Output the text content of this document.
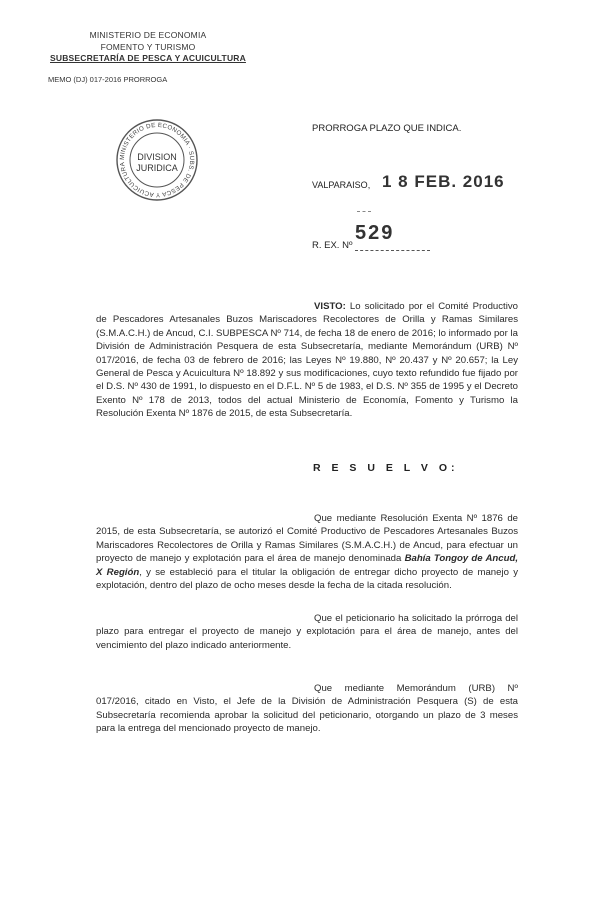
MINISTERIO DE ECONOMIA
FOMENTO Y TURISMO
SUBSECRETARÍA DE PESCA Y ACUICULTURA
MEMO (DJ) 017-2016 PRORROGA
MINISTERIO DE ECONOMIA · SUBS. DE PESCA Y ACUICULTURA
DIVISION
JURIDICA
PRORROGA PLAZO QUE INDICA.
VALPARAISO, 1 8 FEB. 2016
529
R. EX. Nº
VISTO: Lo solicitado por el Comité Productivo de Pescadores Artesanales Buzos Mariscadores Recolectores de Orilla y Ramas Similares (S.M.A.C.H.) de Ancud, C.I. SUBPESCA Nº 714, de fecha 18 de enero de 2016; lo informado por la División de Administración Pesquera de esta Subsecretaría, mediante Memorándum (URB) Nº 017/2016, de fecha 03 de febrero de 2016; las Leyes Nº 19.880, Nº 20.437 y Nº 20.657; la Ley General de Pesca y Acuicultura Nº 18.892 y sus modificaciones, cuyo texto refundido fue fijado por el D.S. Nº 430 de 1991, lo dispuesto en el D.F.L. Nº 5 de 1983, el D.S. Nº 355 de 1995 y el Decreto Exento Nº 178 de 2013, todos del actual Ministerio de Economía, Fomento y Turismo la Resolución Exenta Nº 1876 de 2015, de esta Subsecretaría.
R E S U E L V O:
Que mediante Resolución Exenta Nº 1876 de 2015, de esta Subsecretaría, se autorizó el Comité Productivo de Pescadores Artesanales Buzos Mariscadores Recolectores de Orilla y Ramas Similares (S.M.A.C.H.) de Ancud, para efectuar un proyecto de manejo y explotación para el área de manejo denominada Bahía Tongoy de Ancud, X Región, y se estableció para el titular la obligación de entregar dicho proyecto de manejo y explotación, dentro del plazo de ocho meses desde la fecha de la citada resolución.
Que el peticionario ha solicitado la prórroga del plazo para entregar el proyecto de manejo y explotación para el área de manejo, antes del vencimiento del plazo indicado anteriormente.
Que mediante Memorándum (URB) Nº 017/2016, citado en Visto, el Jefe de la División de Administración Pesquera (S) de esta Subsecretaría recomienda aprobar la solicitud del peticionario, otorgando un plazo de 3 meses para la entrega del mencionado proyecto de manejo.
